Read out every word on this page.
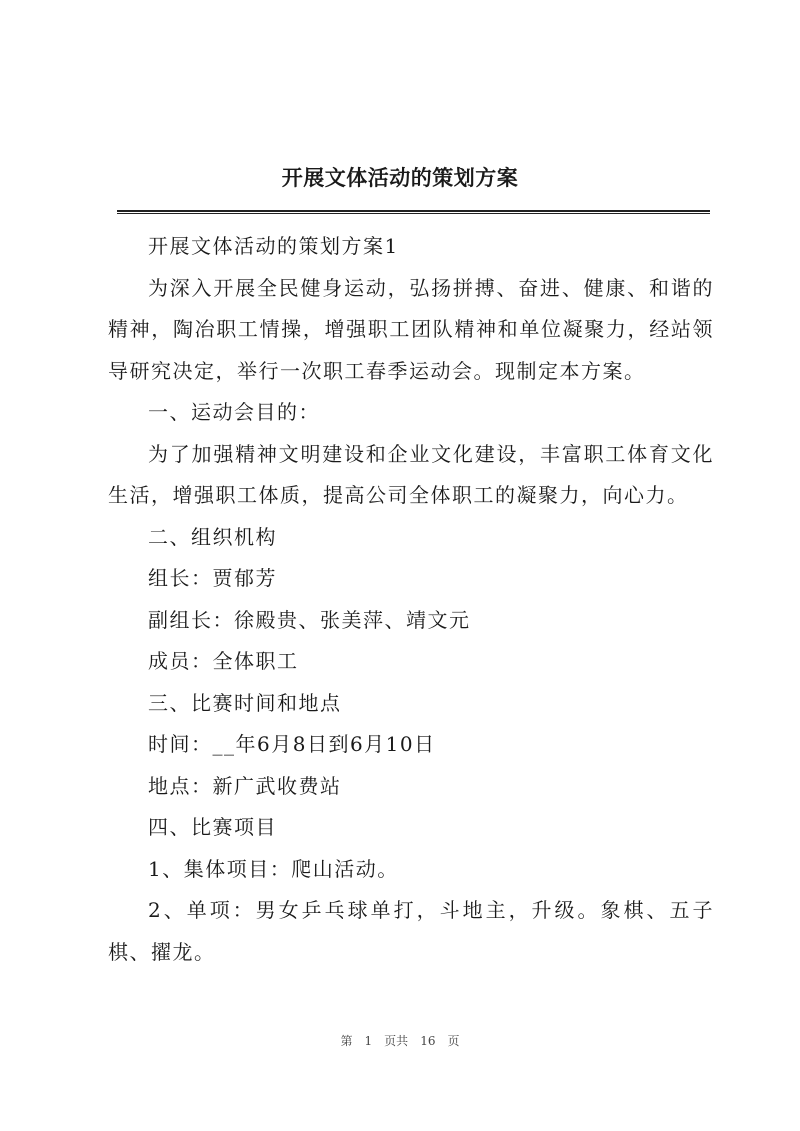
开展文体活动的策划方案

开展文体活动的策划方案1

为深入开展全民健身运动，弘扬拼搏、奋进、健康、和谐的精神，陶冶职工情操，增强职工团队精神和单位凝聚力，经站领导研究决定，举行一次职工春季运动会。现制定本方案。

一、运动会目的：

为了加强精神文明建设和企业文化建设，丰富职工体育文化生活，增强职工体质，提高公司全体职工的凝聚力，向心力。

二、组织机构

组长：贾郁芳

副组长：徐殿贵、张美萍、靖文元

成员：全体职工

三、比赛时间和地点

时间：__年6月8日到6月10日

地点：新广武收费站

四、比赛项目

1、集体项目：爬山活动。

2、单项：男女乒乓球单打，斗地主，升级。象棋、五子棋、擢龙。

第 1 页共 16 页
